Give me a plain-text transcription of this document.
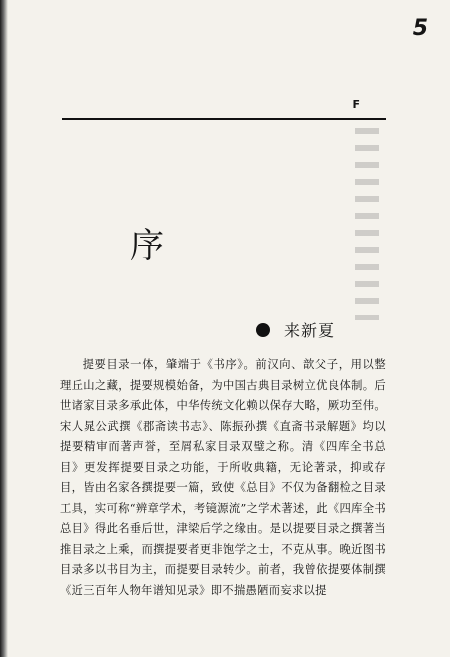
5
F
序
来新夏

提要目录一体，肇端于《书序》。前汉向、歆父子，用以整理丘山之藏，提要规模始备，为中国古典目录树立优良体制。后世诸家目录多承此体，中华传统文化赖以保存大略，厥功至伟。宋人晁公武撰《郡斋读书志》、陈振孙撰《直斋书录解题》均以提要精审而著声誉，至屑私家目录双璧之称。清《四库全书总目》更发挥提要目录之功能，于所收典籍，无论著录，抑或存目，皆由名家各撰提要一篇，致使《总目》不仅为备翻检之目录工具，实可称“辨章学术，考镜源流”之学术著述，此《四库全书总目》得此名垂后世，津梁后学之缘由。是以提要目录之撰著当推目录之上乘，而撰提要者更非饱学之士，不克从事。晚近图书目录多以书目为主，而提要目录转少。前者，我曾依提要体制撰《近三百年人物年谱知见录》即不揣愚陋而妄求以提
